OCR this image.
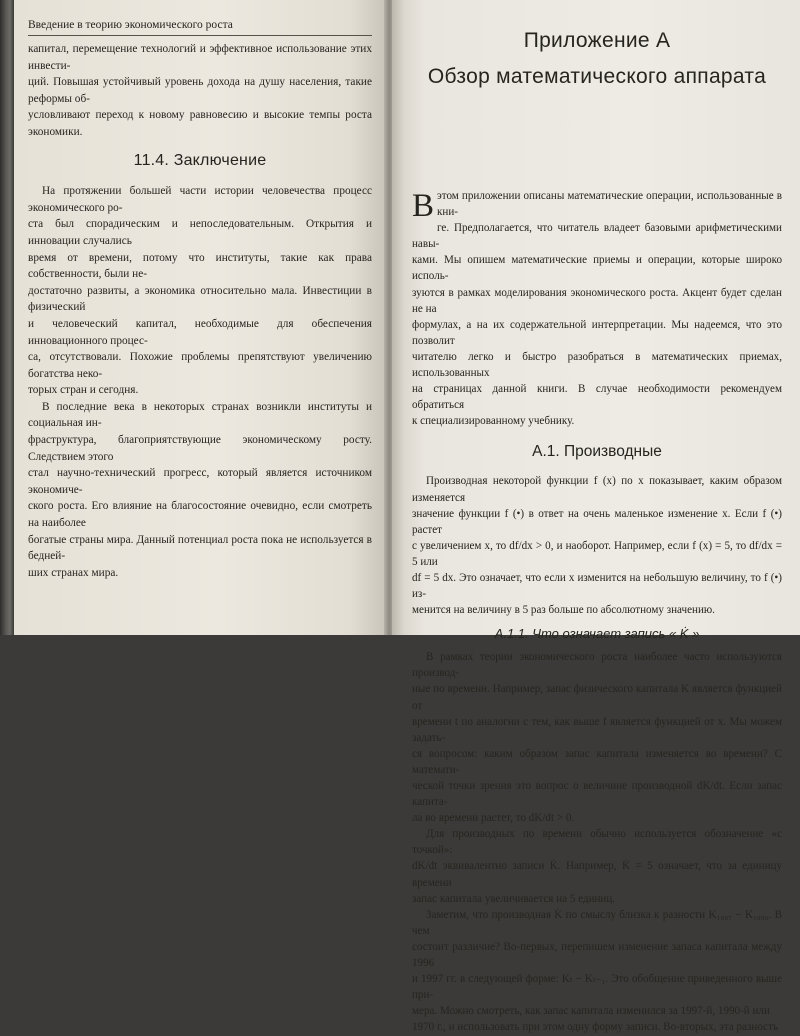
Введение в теорию экономического роста
капитал, перемещение технологий и эффективное использование этих инвести-
ций. Повышая устойчивый уровень дохода на душу населения, такие реформы об-
условливают переход к новому равновесию и высокие темпы роста экономики.
11.4. Заключение
На протяжении большей части истории человечества процесс экономического ро-
ста был спорадическим и непоследовательным. Открытия и инновации случались
время от времени, потому что институты, такие как права собственности, были не-
достаточно развиты, а экономика относительно мала. Инвестиции в физический
и человеческий капитал, необходимые для обеспечения инновационного процес-
са, отсутствовали. Похожие проблемы препятствуют увеличению богатства неко-
торых стран и сегодня.
В последние века в некоторых странах возникли институты и социальная ин-
фраструктура, благоприятствующие экономическому росту. Следствием этого
стал научно-технический прогресс, который является источником экономиче-
ского роста. Его влияние на благосостояние очевидно, если смотреть на наиболее
богатые страны мира. Данный потенциал роста пока не используется в бедней-
ших странах мира.
Приложение А
Обзор математического аппарата
В этом приложении описаны математические операции, использованные в кни-
ге. Предполагается, что читатель владеет базовыми арифметическими навы-
ками. Мы опишем математические приемы и операции, которые широко исполь-
зуются в рамках моделирования экономического роста. Акцент будет сделан не на
формулах, а на их содержательной интерпретации. Мы надеемся, что это позволит
читателю легко и быстро разобраться в математических приемах, использованных
на страницах данной книги. В случае необходимости рекомендуем обратиться
к специализированному учебнику.
А.1. Производные
Производная некоторой функции f (x) по x показывает, каким образом изменяется
значение функции f (•) в ответ на очень маленькое изменение x. Если f (•) растет
с увеличением x, то df/dx > 0, и наоборот. Например, если f (x) = 5, то df/dx = 5 или
df = 5 dx. Это означает, что если x изменится на небольшую величину, то f (•) из-
менится на величину в 5 раз больше по абсолютному значению.
А.1.1. Что означает запись « K̇ »
В рамках теории экономического роста наиболее часто используются производ-
ные по времени. Например, запас физического капитала K является функцией от
времени t по аналогии с тем, как выше f является функцией от x. Мы можем задать-
ся вопросом: каким образом запас капитала изменяется во времени? С математи-
ческой точки зрения это вопрос о величине производной dK/dt. Если запас капита-
ла во времени растет, то dK/dt > 0.
Для производных по времени обычно используется обозначение «с точкой»:
dK/dt эквивалентно записи K̇. Например, K̇ = 5 означает, что за единицу времени
запас капитала увеличивается на 5 единиц.
Заметим, что производная K̇ по смыслу близка к разности K₁₉₉₇ − K₁₉₉₆. В чем
состоит различие? Во-первых, перепишем изменение запаса капитала между 1996
и 1997 гг. в следующей форме: Kₜ − Kₜ₋₁. Это обобщение приведенного выше при-
мера. Можно смотреть, как запас капитала изменился за 1997-й, 1990-й или
1970 г., и использовать при этом одну форму записи. Во-вторых, эта разность
